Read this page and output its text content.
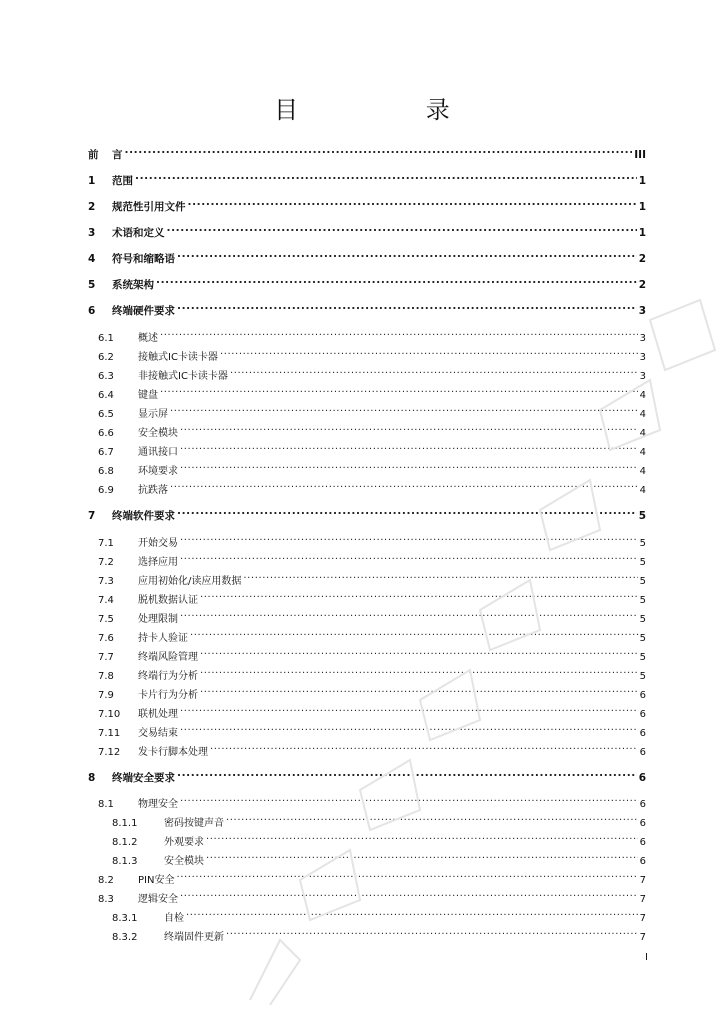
目 录
前	言 .....	III
1	范围 .....	1
2	规范性引用文件 .....	1
3	术语和定义 .....	1
4	符号和缩略语 .....	2
5	系统架构 .....	2
6	终端硬件要求 .....	3
6.1	概述 .....	3
6.2	接触式IC卡读卡器 .....	3
6.3	非接触式IC卡读卡器 .....	3
6.4	键盘 .....	4
6.5	显示屏 .....	4
6.6	安全模块 .....	4
6.7	通讯接口 .....	4
6.8	环境要求 .....	4
6.9	抗跌落 .....	4
7	终端软件要求 .....	5
7.1	开始交易 .....	5
7.2	选择应用 .....	5
7.3	应用初始化/读应用数据 .....	5
7.4	脱机数据认证 .....	5
7.5	处理限制 .....	5
7.6	持卡人验证 .....	5
7.7	终端风险管理 .....	5
7.8	终端行为分析 .....	5
7.9	卡片行为分析 .....	6
7.10	联机处理 .....	6
7.11	交易结束 .....	6
7.12	发卡行脚本处理 .....	6
8	终端安全要求 .....	6
8.1	物理安全 .....	6
8.1.1	密码按键声音 .....	6
8.1.2	外观要求 .....	6
8.1.3	安全模块 .....	6
8.2	PIN安全 .....	7
8.3	逻辑安全 .....	7
8.3.1	自检 .....	7
8.3.2	终端固件更新 .....	7
I
